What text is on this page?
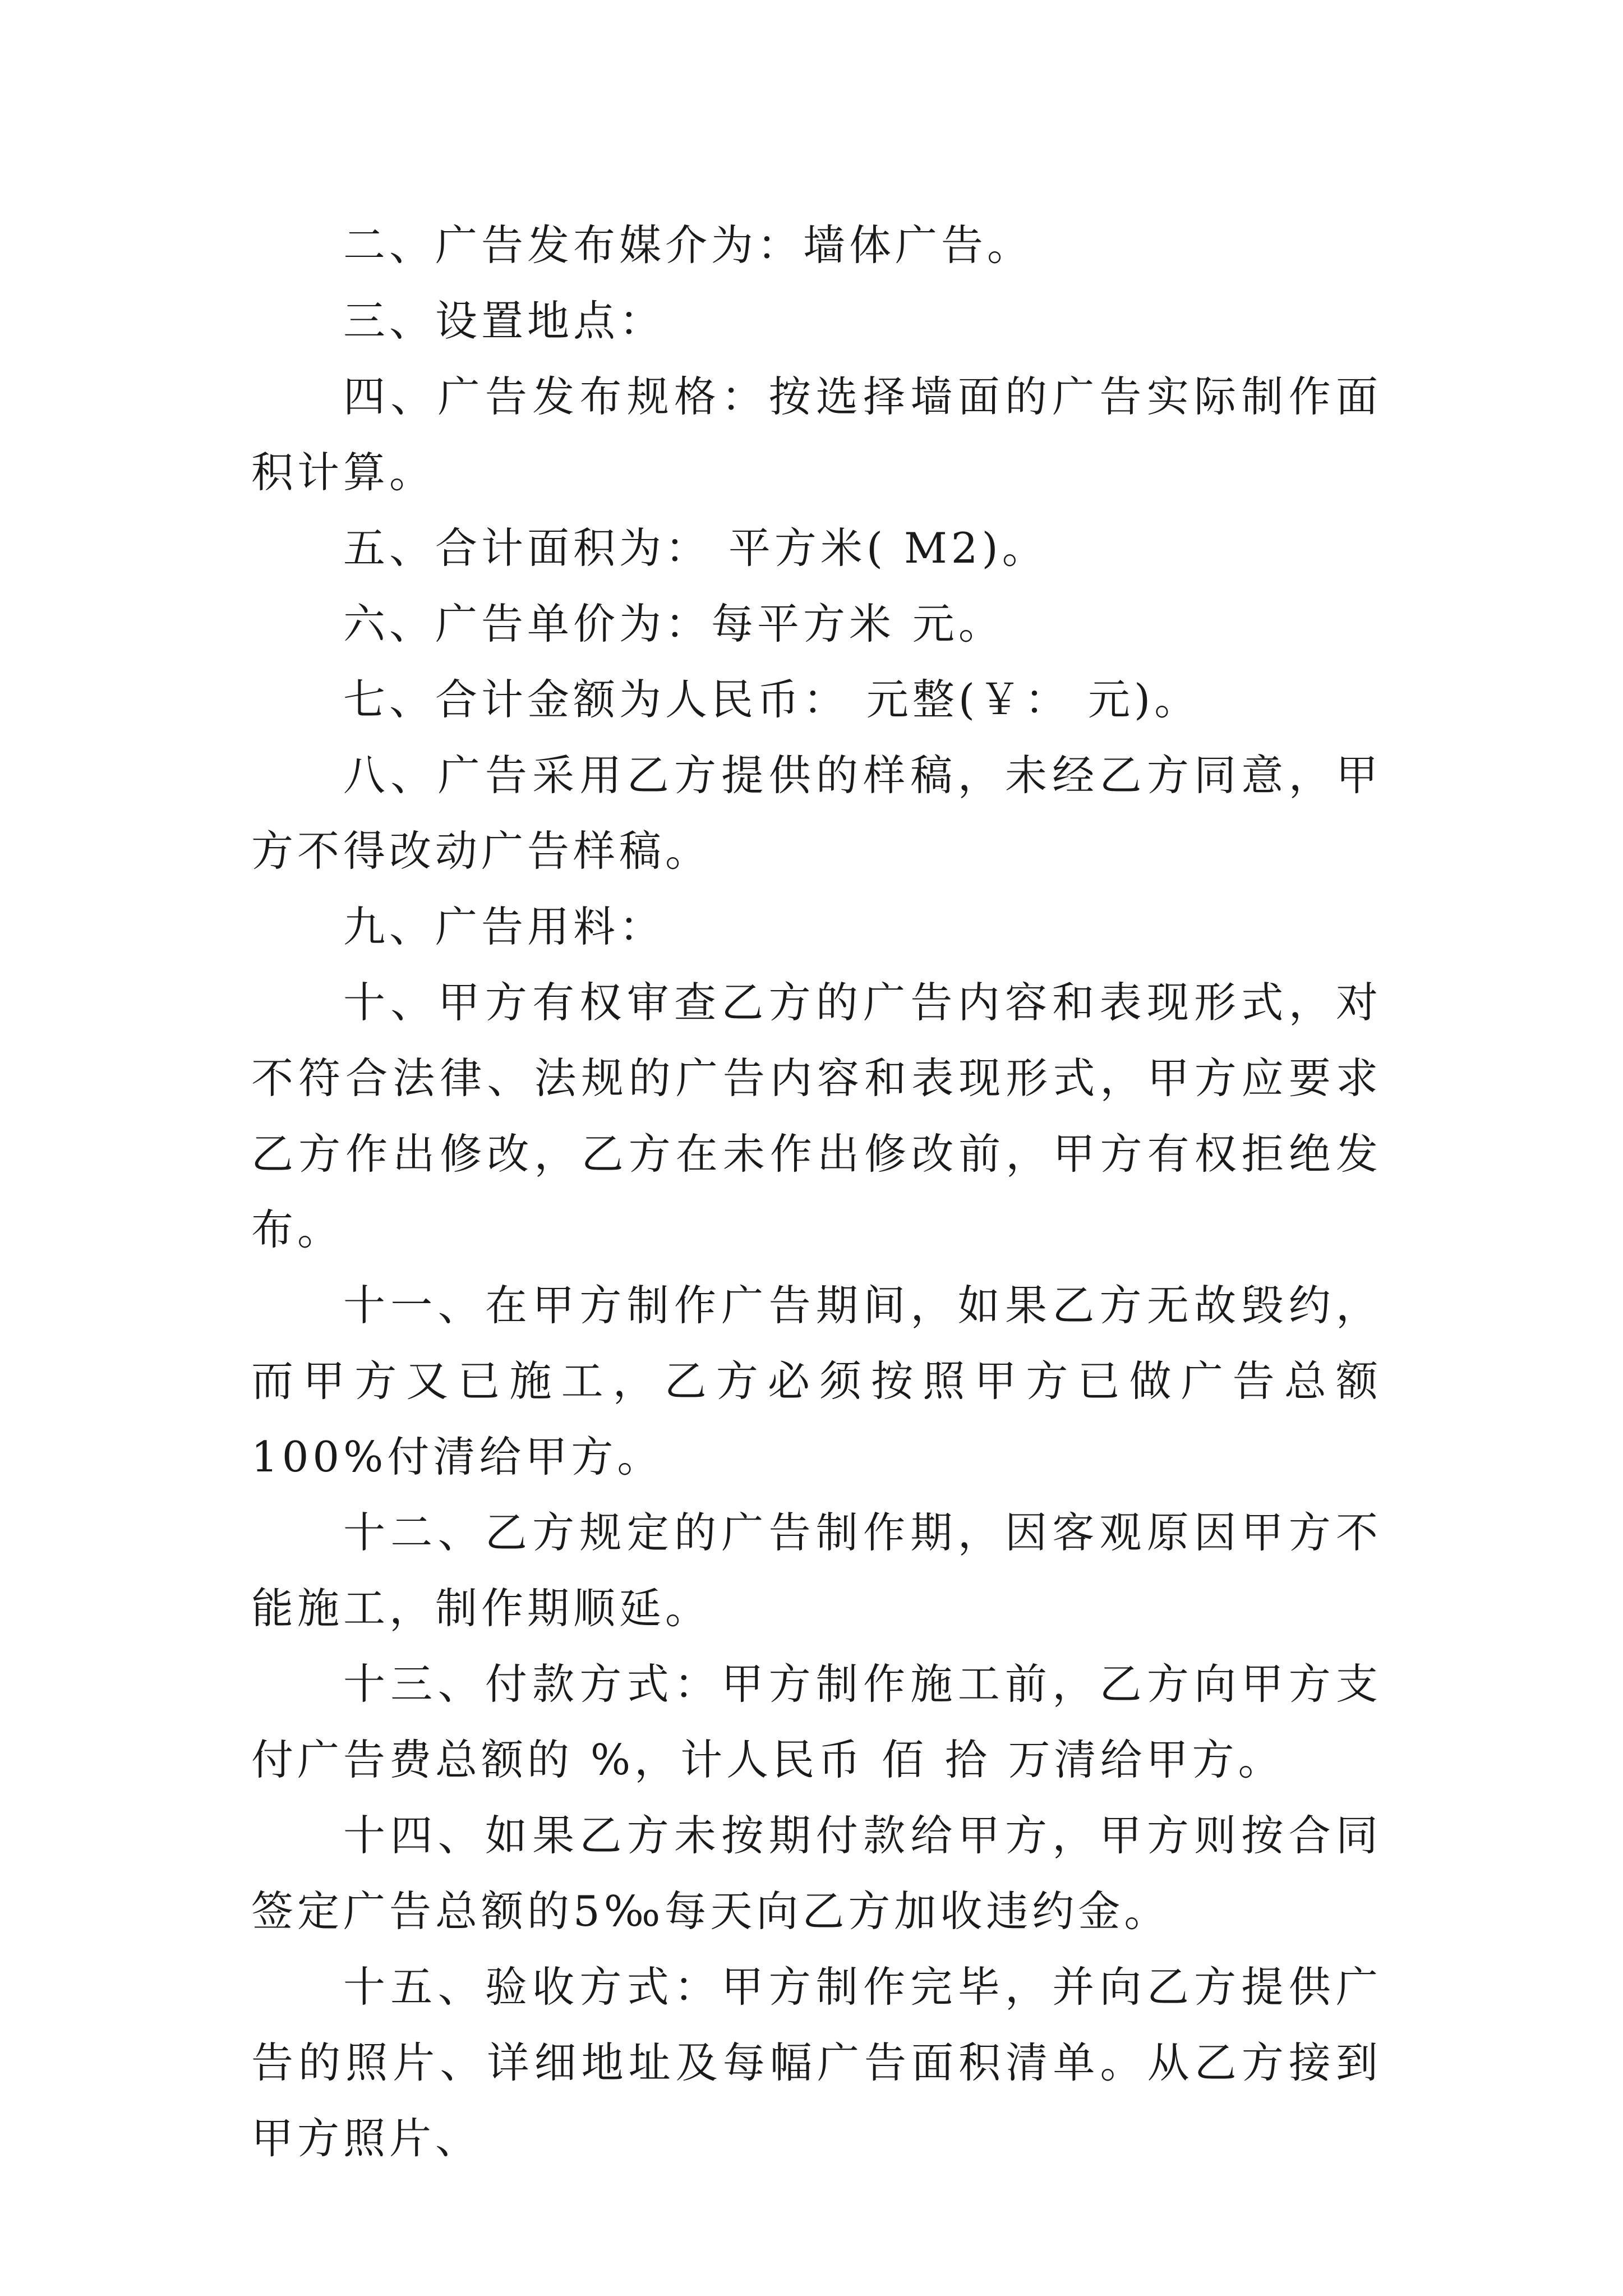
二、广告发布媒介为：墙体广告。

三、设置地点：

四、广告发布规格：按选择墙面的广告实际制作面积计算。

五、合计面积为： 平方米( M2)。

六、广告单价为：每平方米 元。

七、合计金额为人民币： 元整(￥： 元)。

八、广告采用乙方提供的样稿，未经乙方同意，甲方不得改动广告样稿。

九、广告用料：

十、甲方有权审查乙方的广告内容和表现形式，对不符合法律、法规的广告内容和表现形式，甲方应要求乙方作出修改，乙方在未作出修改前，甲方有权拒绝发布。

十一、在甲方制作广告期间，如果乙方无故毁约，而甲方又已施工，乙方必须按照甲方已做广告总额100%付清给甲方。

十二、乙方规定的广告制作期，因客观原因甲方不能施工，制作期顺延。

十三、付款方式：甲方制作施工前，乙方向甲方支付广告费总额的 %，计人民币 佰 拾 万清给甲方。

十四、如果乙方未按期付款给甲方，甲方则按合同签定广告总额的5‰每天向乙方加收违约金。

十五、验收方式：甲方制作完毕，并向乙方提供广告的照片、详细地址及每幅广告面积清单。从乙方接到甲方照片、
